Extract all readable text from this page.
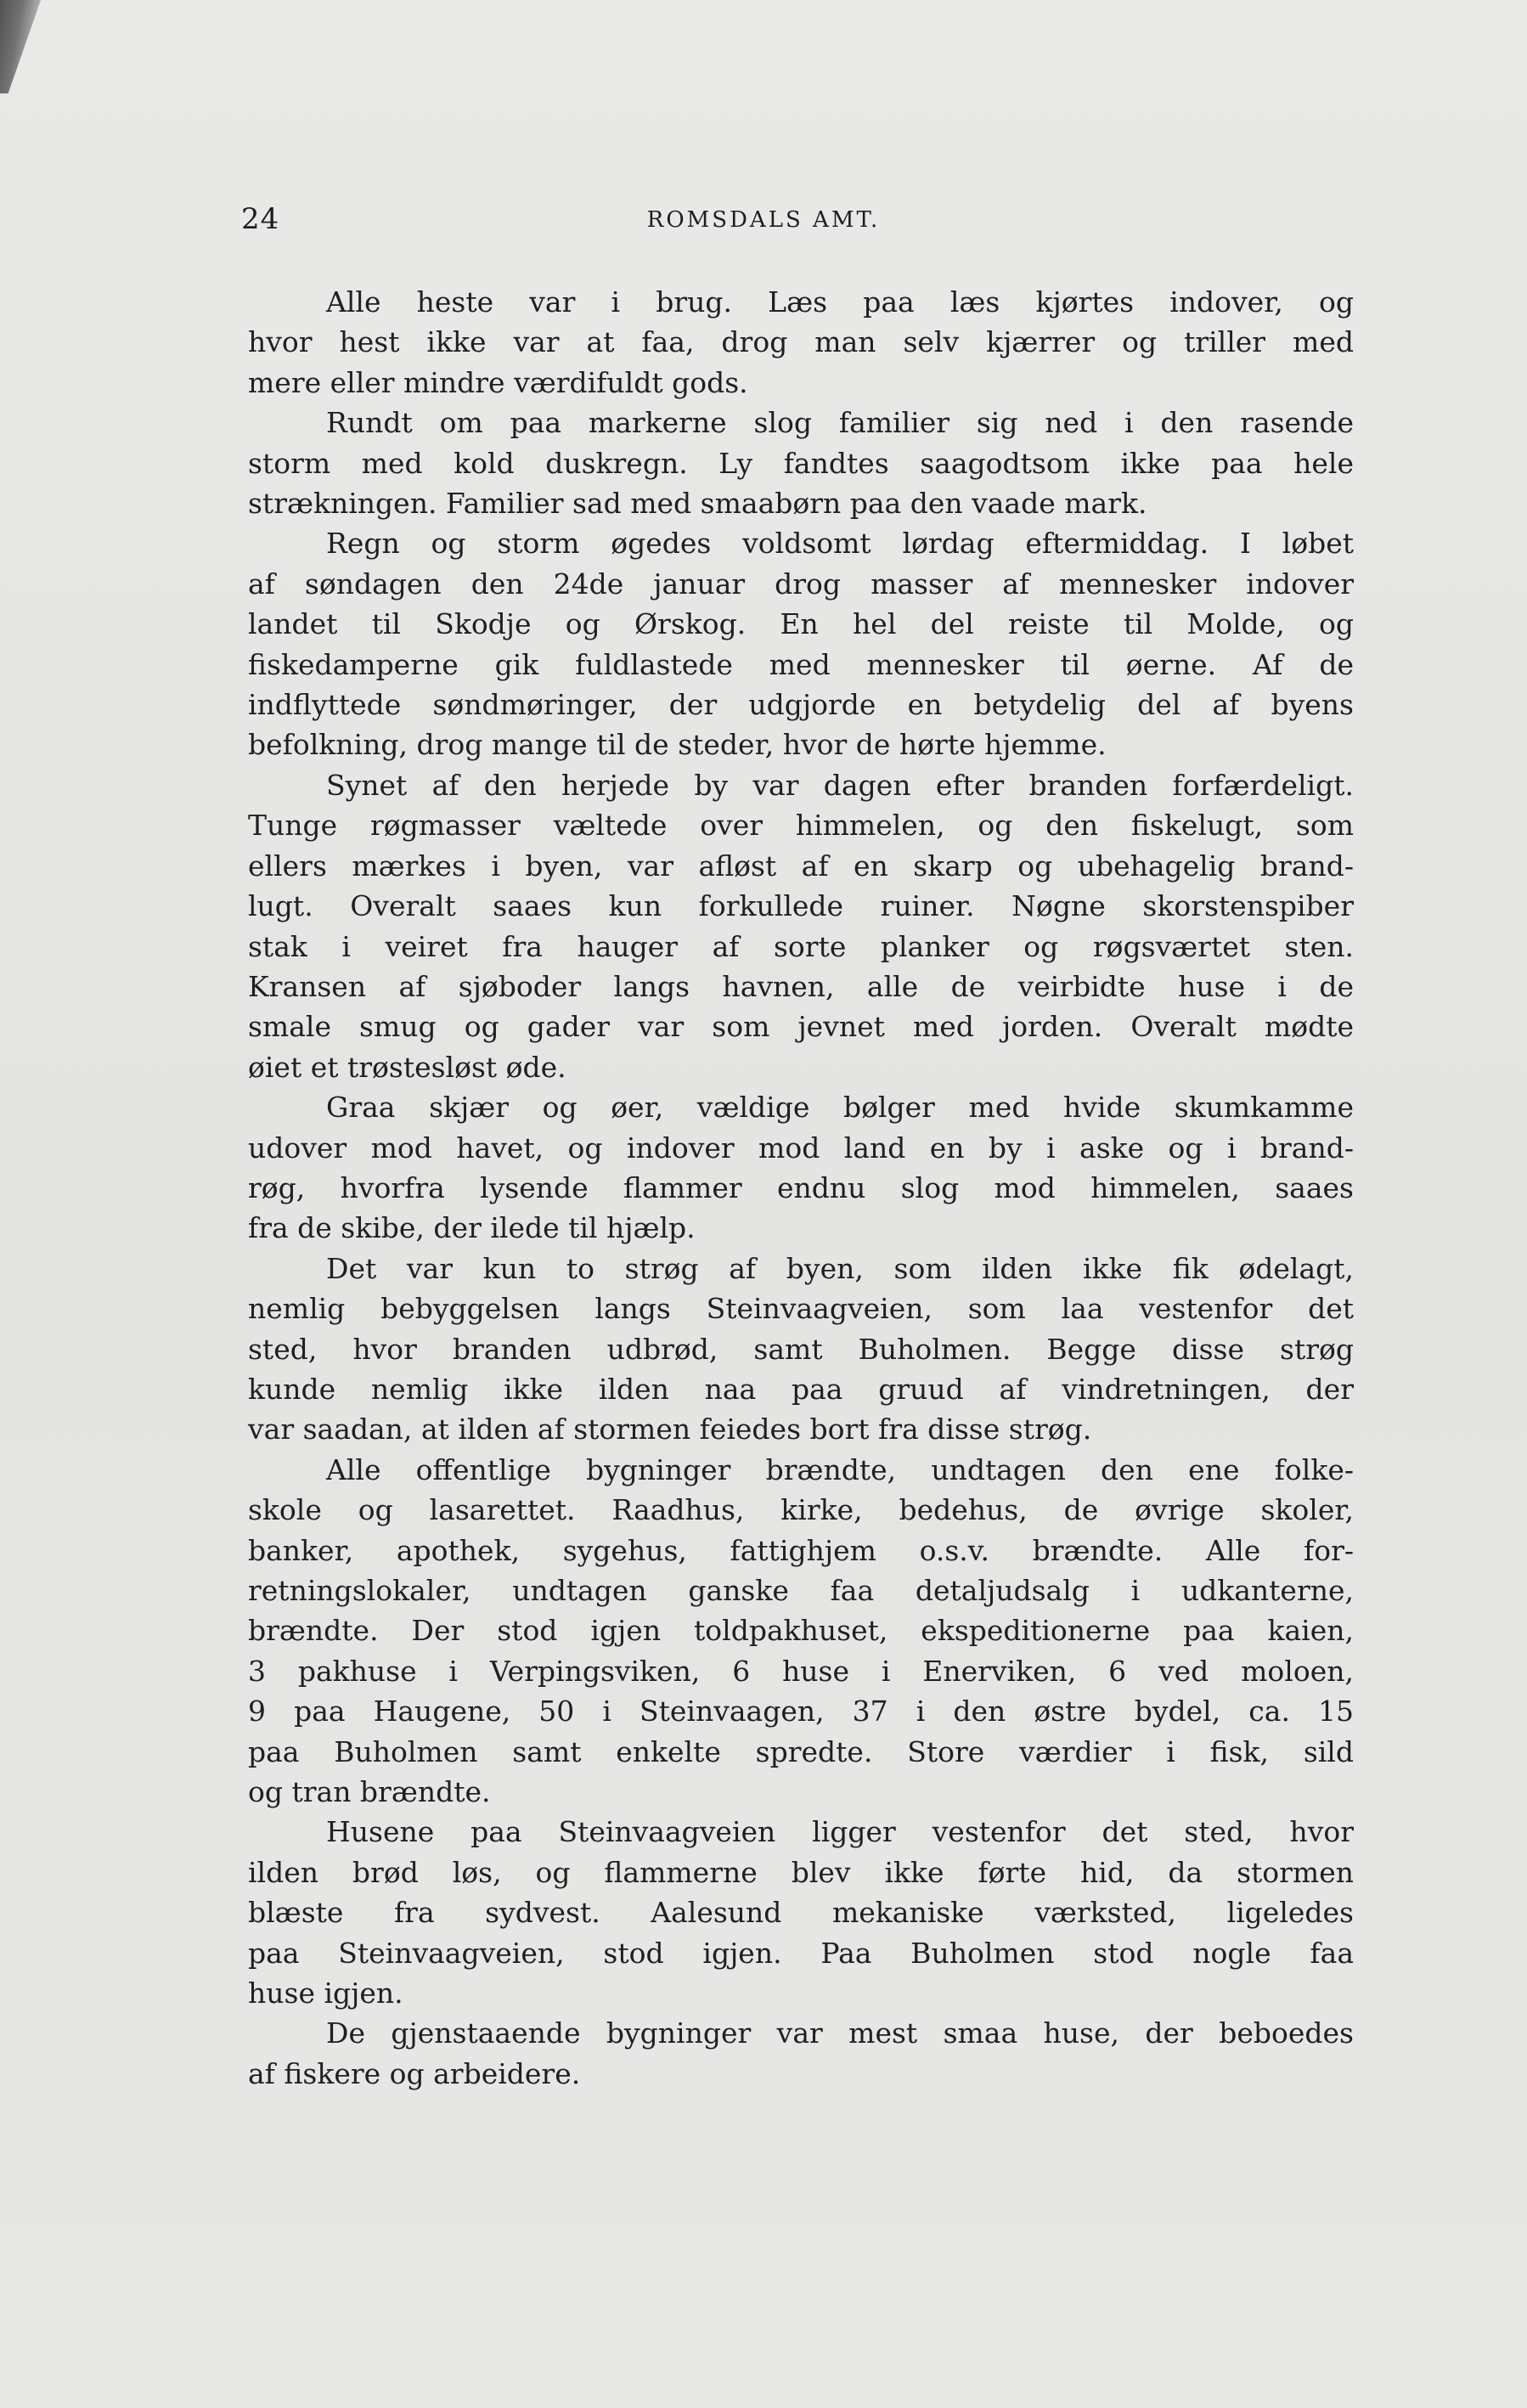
24	ROMSDALS AMT.

Alle heste var i brug. Læs paa læs kjørtes indover, og
hvor hest ikke var at faa, drog man selv kjærrer og triller med
mere eller mindre værdifuldt gods.

Rundt om paa markerne slog familier sig ned i den rasende
storm med kold duskregn. Ly fandtes saagodtsom ikke paa hele
strækningen. Familier sad med smaabørn paa den vaade mark.

Regn og storm øgedes voldsomt lørdag eftermiddag. I løbet
af søndagen den 24de januar drog masser af mennesker indover
landet til Skodje og Ørskog. En hel del reiste til Molde, og
fiskedamperne gik fuldlastede med mennesker til øerne. Af de
indflyttede søndmøringer, der udgjorde en betydelig del af byens
befolkning, drog mange til de steder, hvor de hørte hjemme.

Synet af den herjede by var dagen efter branden forfærdeligt.
Tunge røgmasser væltede over himmelen, og den fiskelugt, som
ellers mærkes i byen, var afløst af en skarp og ubehagelig brand-
lugt. Overalt saaes kun forkullede ruiner. Nøgne skorstenspiber
stak i veiret fra hauger af sorte planker og røgsværtet sten.
Kransen af sjøboder langs havnen, alle de veirbidte huse i de
smale smug og gader var som jevnet med jorden. Overalt mødte
øiet et trøstesløst øde.

Graa skjær og øer, vældige bølger med hvide skumkamme
udover mod havet, og indover mod land en by i aske og i brand-
røg, hvorfra lysende flammer endnu slog mod himmelen, saaes
fra de skibe, der ilede til hjælp.

Det var kun to strøg af byen, som ilden ikke fik ødelagt,
nemlig bebyggelsen langs Steinvaagveien, som laa vestenfor det
sted, hvor branden udbrød, samt Buholmen. Begge disse strøg
kunde nemlig ikke ilden naa paa gruud af vindretningen, der
var saadan, at ilden af stormen feiedes bort fra disse strøg.

Alle offentlige bygninger brændte, undtagen den ene folke-
skole og lasarettet. Raadhus, kirke, bedehus, de øvrige skoler,
banker, apothek, sygehus, fattighjem o.s.v. brændte. Alle for-
retningslokaler, undtagen ganske faa detaljudsalg i udkanterne,
brændte. Der stod igjen toldpakhuset, ekspeditionerne paa kaien,
3 pakhuse i Verpingsviken, 6 huse i Enerviken, 6 ved moloen,
9 paa Haugene, 50 i Steinvaagen, 37 i den østre bydel, ca. 15
paa Buholmen samt enkelte spredte. Store værdier i fisk, sild
og tran brændte.

Husene paa Steinvaagveien ligger vestenfor det sted, hvor
ilden brød løs, og flammerne blev ikke førte hid, da stormen
blæste fra sydvest. Aalesund mekaniske værksted, ligeledes
paa Steinvaagveien, stod igjen. Paa Buholmen stod nogle faa
huse igjen.

De gjenstaaende bygninger var mest smaa huse, der beboedes
af fiskere og arbeidere.
